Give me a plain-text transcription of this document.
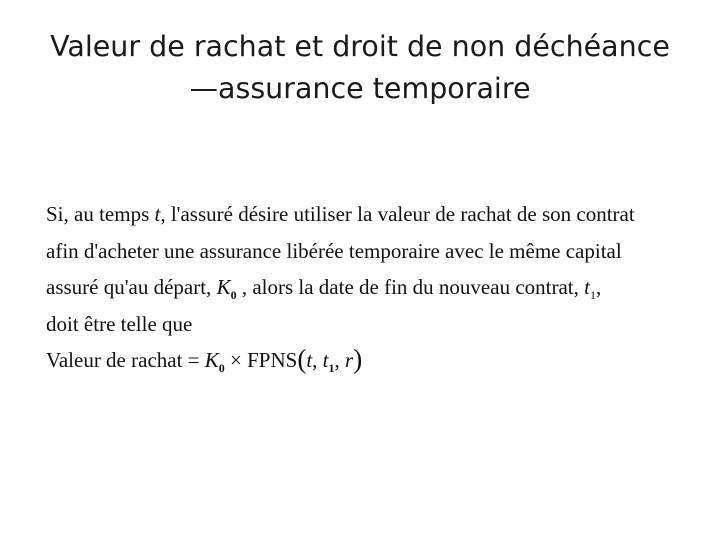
Valeur de rachat et droit de non déchéance
—assurance temporaire
Si, au temps t, l'assuré désire utiliser la valeur de rachat de son contrat
afin d'acheter une assurance libérée temporaire avec le même capital
assuré qu'au départ, $K_0$ , alors la date de fin du nouveau contrat, $t_1$,
doit être telle que
Valeur de rachat = $K_0$ × FPNS(t, $t_1$, r)
